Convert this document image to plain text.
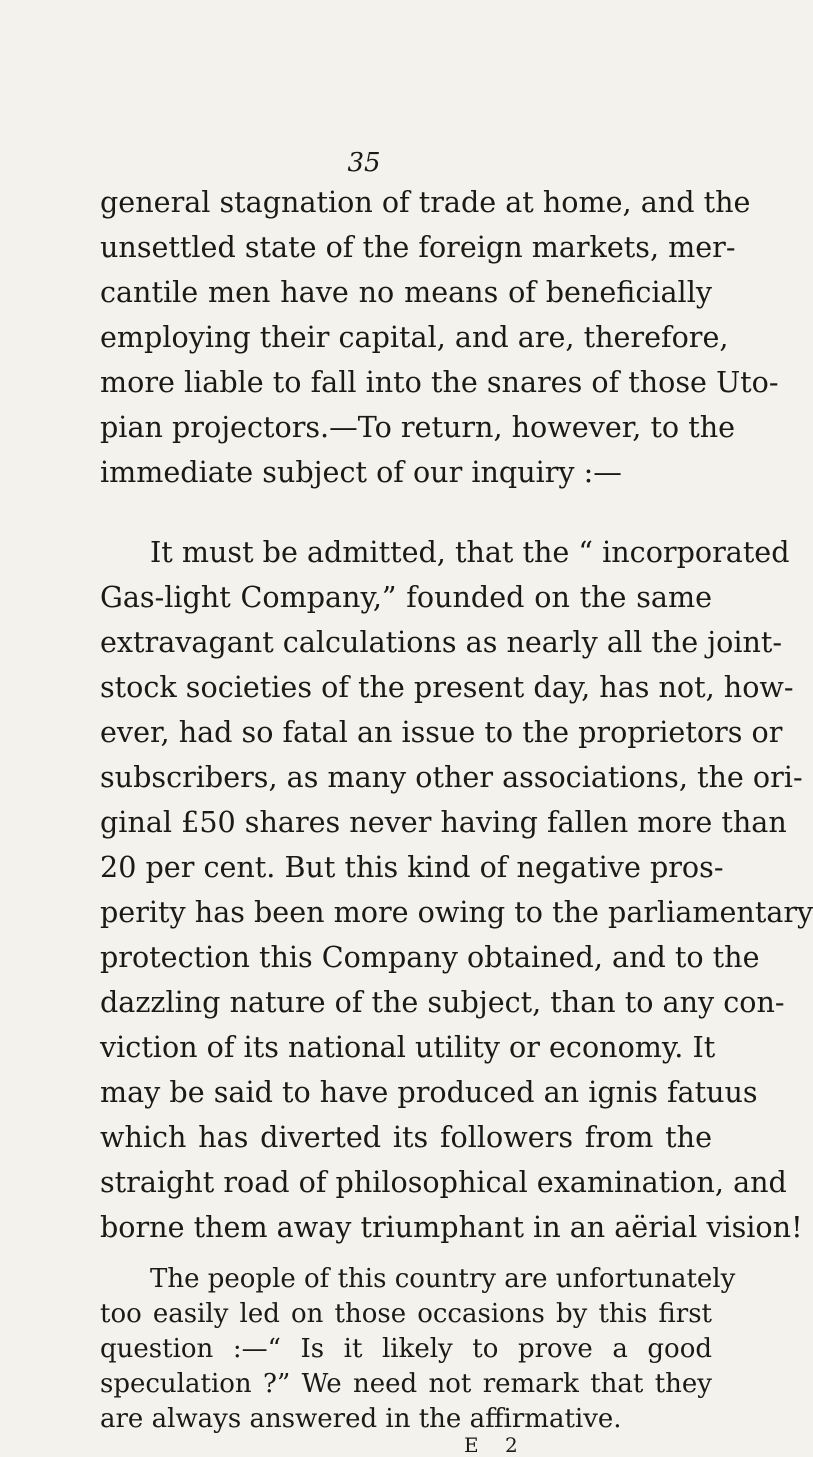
35
general stagnation of trade at home, and the
unsettled state of the foreign markets, mer-
cantile men have no means of beneficially
employing their capital, and are, therefore,
more liable to fall into the snares of those Uto-
pian projectors.—To return, however, to the
immediate subject of our inquiry :—
It must be admitted, that the “ incorporated
Gas-light Company,” founded on the same
extravagant calculations as nearly all the joint-
stock societies of the present day, has not, how-
ever, had so fatal an issue to the proprietors or
subscribers, as many other associations, the ori-
ginal £50 shares never having fallen more than
20 per cent. But this kind of negative pros-
perity has been more owing to the parliamentary
protection this Company obtained, and to the
dazzling nature of the subject, than to any con-
viction of its national utility or economy. It
may be said to have produced an ignis fatuus
which has diverted its followers from the
straight road of philosophical examination, and
borne them away triumphant in an aërial vision!
The people of this country are unfortunately
too easily led on those occasions by this first
question :—“ Is it likely to prove a good
speculation ?” We need not remark that they
are always answered in the affirmative.
E 2
